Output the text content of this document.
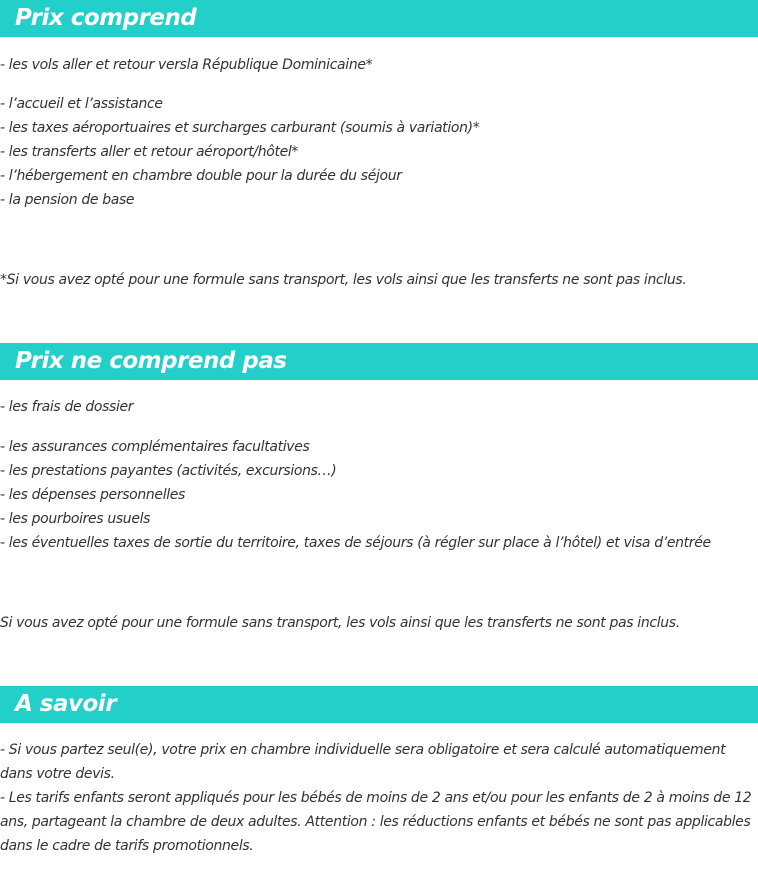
Prix comprend
- les vols aller et retour versla République Dominicaine*
- l’accueil et l’assistance
- les taxes aéroportuaires et surcharges carburant (soumis à variation)*
- les transferts aller et retour aéroport/hôtel*
- l’hébergement en chambre double pour la durée du séjour
- la pension de base
*Si vous avez opté pour une formule sans transport, les vols ainsi que les transferts ne sont pas inclus.
Prix ne comprend pas
- les frais de dossier
- les assurances complémentaires facultatives
- les prestations payantes (activités, excursions…)
- les dépenses personnelles
- les pourboires usuels
- les éventuelles taxes de sortie du territoire, taxes de séjours (à régler sur place à l’hôtel) et visa d’entrée
Si vous avez opté pour une formule sans transport, les vols ainsi que les transferts ne sont pas inclus.
A savoir
- Si vous partez seul(e), votre prix en chambre individuelle sera obligatoire et sera calculé automatiquement dans votre devis.
- Les tarifs enfants seront appliqués pour les bébés de moins de 2 ans et/ou pour les enfants de 2 à moins de 12 ans, partageant la chambre de deux adultes. Attention : les réductions enfants et bébés ne sont pas applicables dans le cadre de tarifs promotionnels.
